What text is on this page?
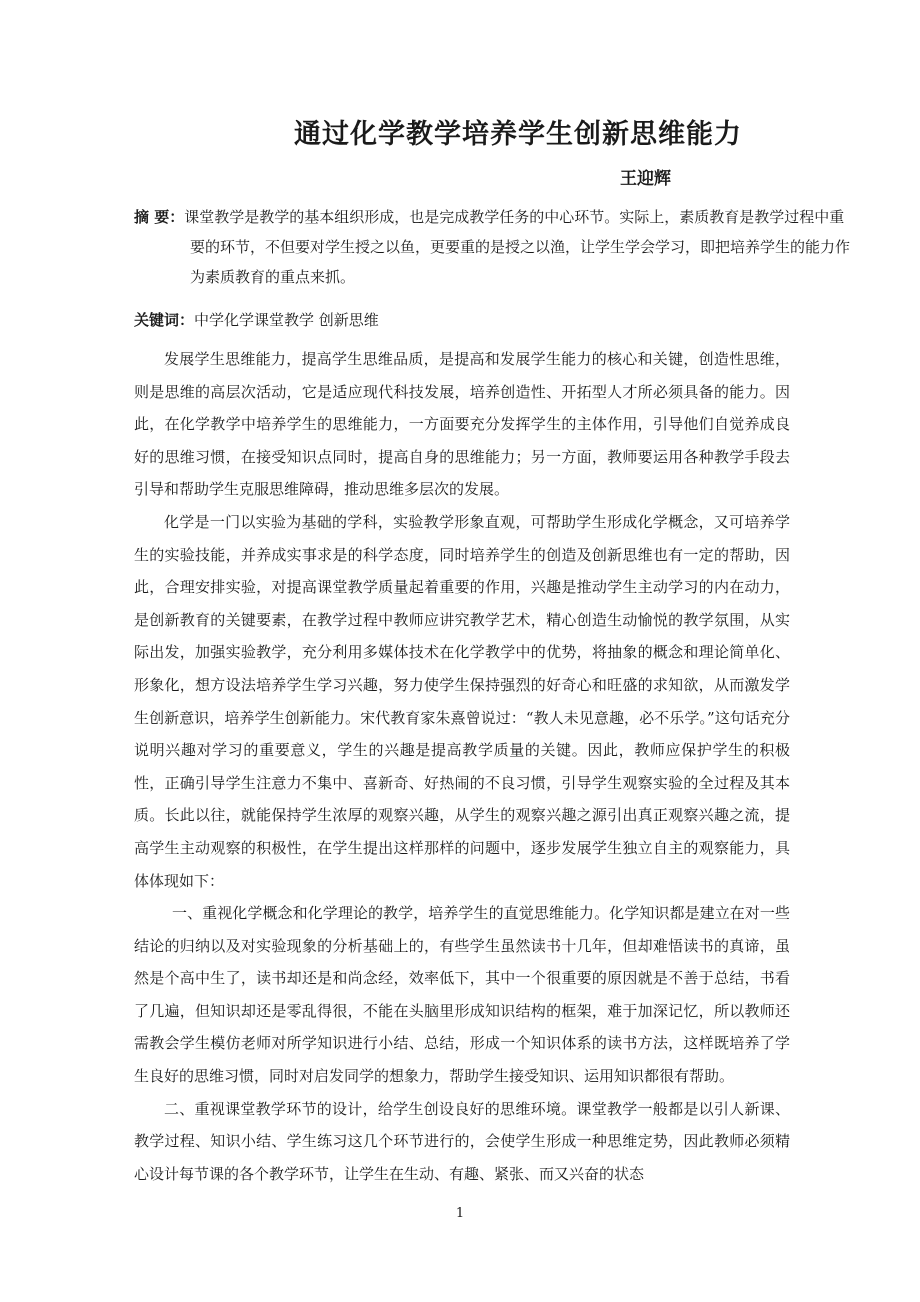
通过化学教学培养学生创新思维能力
王迎辉
摘 要：课堂教学是教学的基本组织形成，也是完成教学任务的中心环节。实际上，素质教育是教学过程中重要的环节，不但要对学生授之以鱼，更要重的是授之以渔，让学生学会学习，即把培养学生的能力作为素质教育的重点来抓。
关键词：中学化学课堂教学 创新思维

发展学生思维能力，提高学生思维品质，是提高和发展学生能力的核心和关键，创造性思维，则是思维的高层次活动，它是适应现代科技发展，培养创造性、开拓型人才所必须具备的能力。因此，在化学教学中培养学生的思维能力，一方面要充分发挥学生的主体作用，引导他们自觉养成良好的思维习惯，在接受知识点同时，提高自身的思维能力；另一方面，教师要运用各种教学手段去引导和帮助学生克服思维障碍，推动思维多层次的发展。

化学是一门以实验为基础的学科，实验教学形象直观，可帮助学生形成化学概念，又可培养学生的实验技能，并养成实事求是的科学态度，同时培养学生的创造及创新思维也有一定的帮助，因此，合理安排实验，对提高课堂教学质量起着重要的作用，兴趣是推动学生主动学习的内在动力，是创新教育的关键要素，在教学过程中教师应讲究教学艺术，精心创造生动愉悦的教学氛围，从实际出发，加强实验教学，充分利用多媒体技术在化学教学中的优势，将抽象的概念和理论简单化、形象化，想方设法培养学生学习兴趣，努力使学生保持强烈的好奇心和旺盛的求知欲，从而激发学生创新意识，培养学生创新能力。宋代教育家朱熹曾说过：“教人未见意趣，必不乐学。”这句话充分说明兴趣对学习的重要意义，学生的兴趣是提高教学质量的关键。因此，教师应保护学生的积极性，正确引导学生注意力不集中、喜新奇、好热闹的不良习惯，引导学生观察实验的全过程及其本质。长此以往，就能保持学生浓厚的观察兴趣，从学生的观察兴趣之源引出真正观察兴趣之流，提高学生主动观察的积极性，在学生提出这样那样的问题中，逐步发展学生独立自主的观察能力，具体体现如下：

一、重视化学概念和化学理论的教学，培养学生的直觉思维能力。化学知识都是建立在对一些结论的归纳以及对实验现象的分析基础上的，有些学生虽然读书十几年，但却难悟读书的真谛，虽然是个高中生了，读书却还是和尚念经，效率低下，其中一个很重要的原因就是不善于总结，书看了几遍，但知识却还是零乱得很，不能在头脑里形成知识结构的框架，难于加深记忆，所以教师还需教会学生模仿老师对所学知识进行小结、总结，形成一个知识体系的读书方法，这样既培养了学生良好的思维习惯，同时对启发同学的想象力，帮助学生接受知识、运用知识都很有帮助。

二、重视课堂教学环节的设计，给学生创设良好的思维环境。课堂教学一般都是以引人新课、教学过程、知识小结、学生练习这几个环节进行的，会使学生形成一种思维定势，因此教师必须精心设计每节课的各个教学环节，让学生在生动、有趣、紧张、而又兴奋的状态

1
